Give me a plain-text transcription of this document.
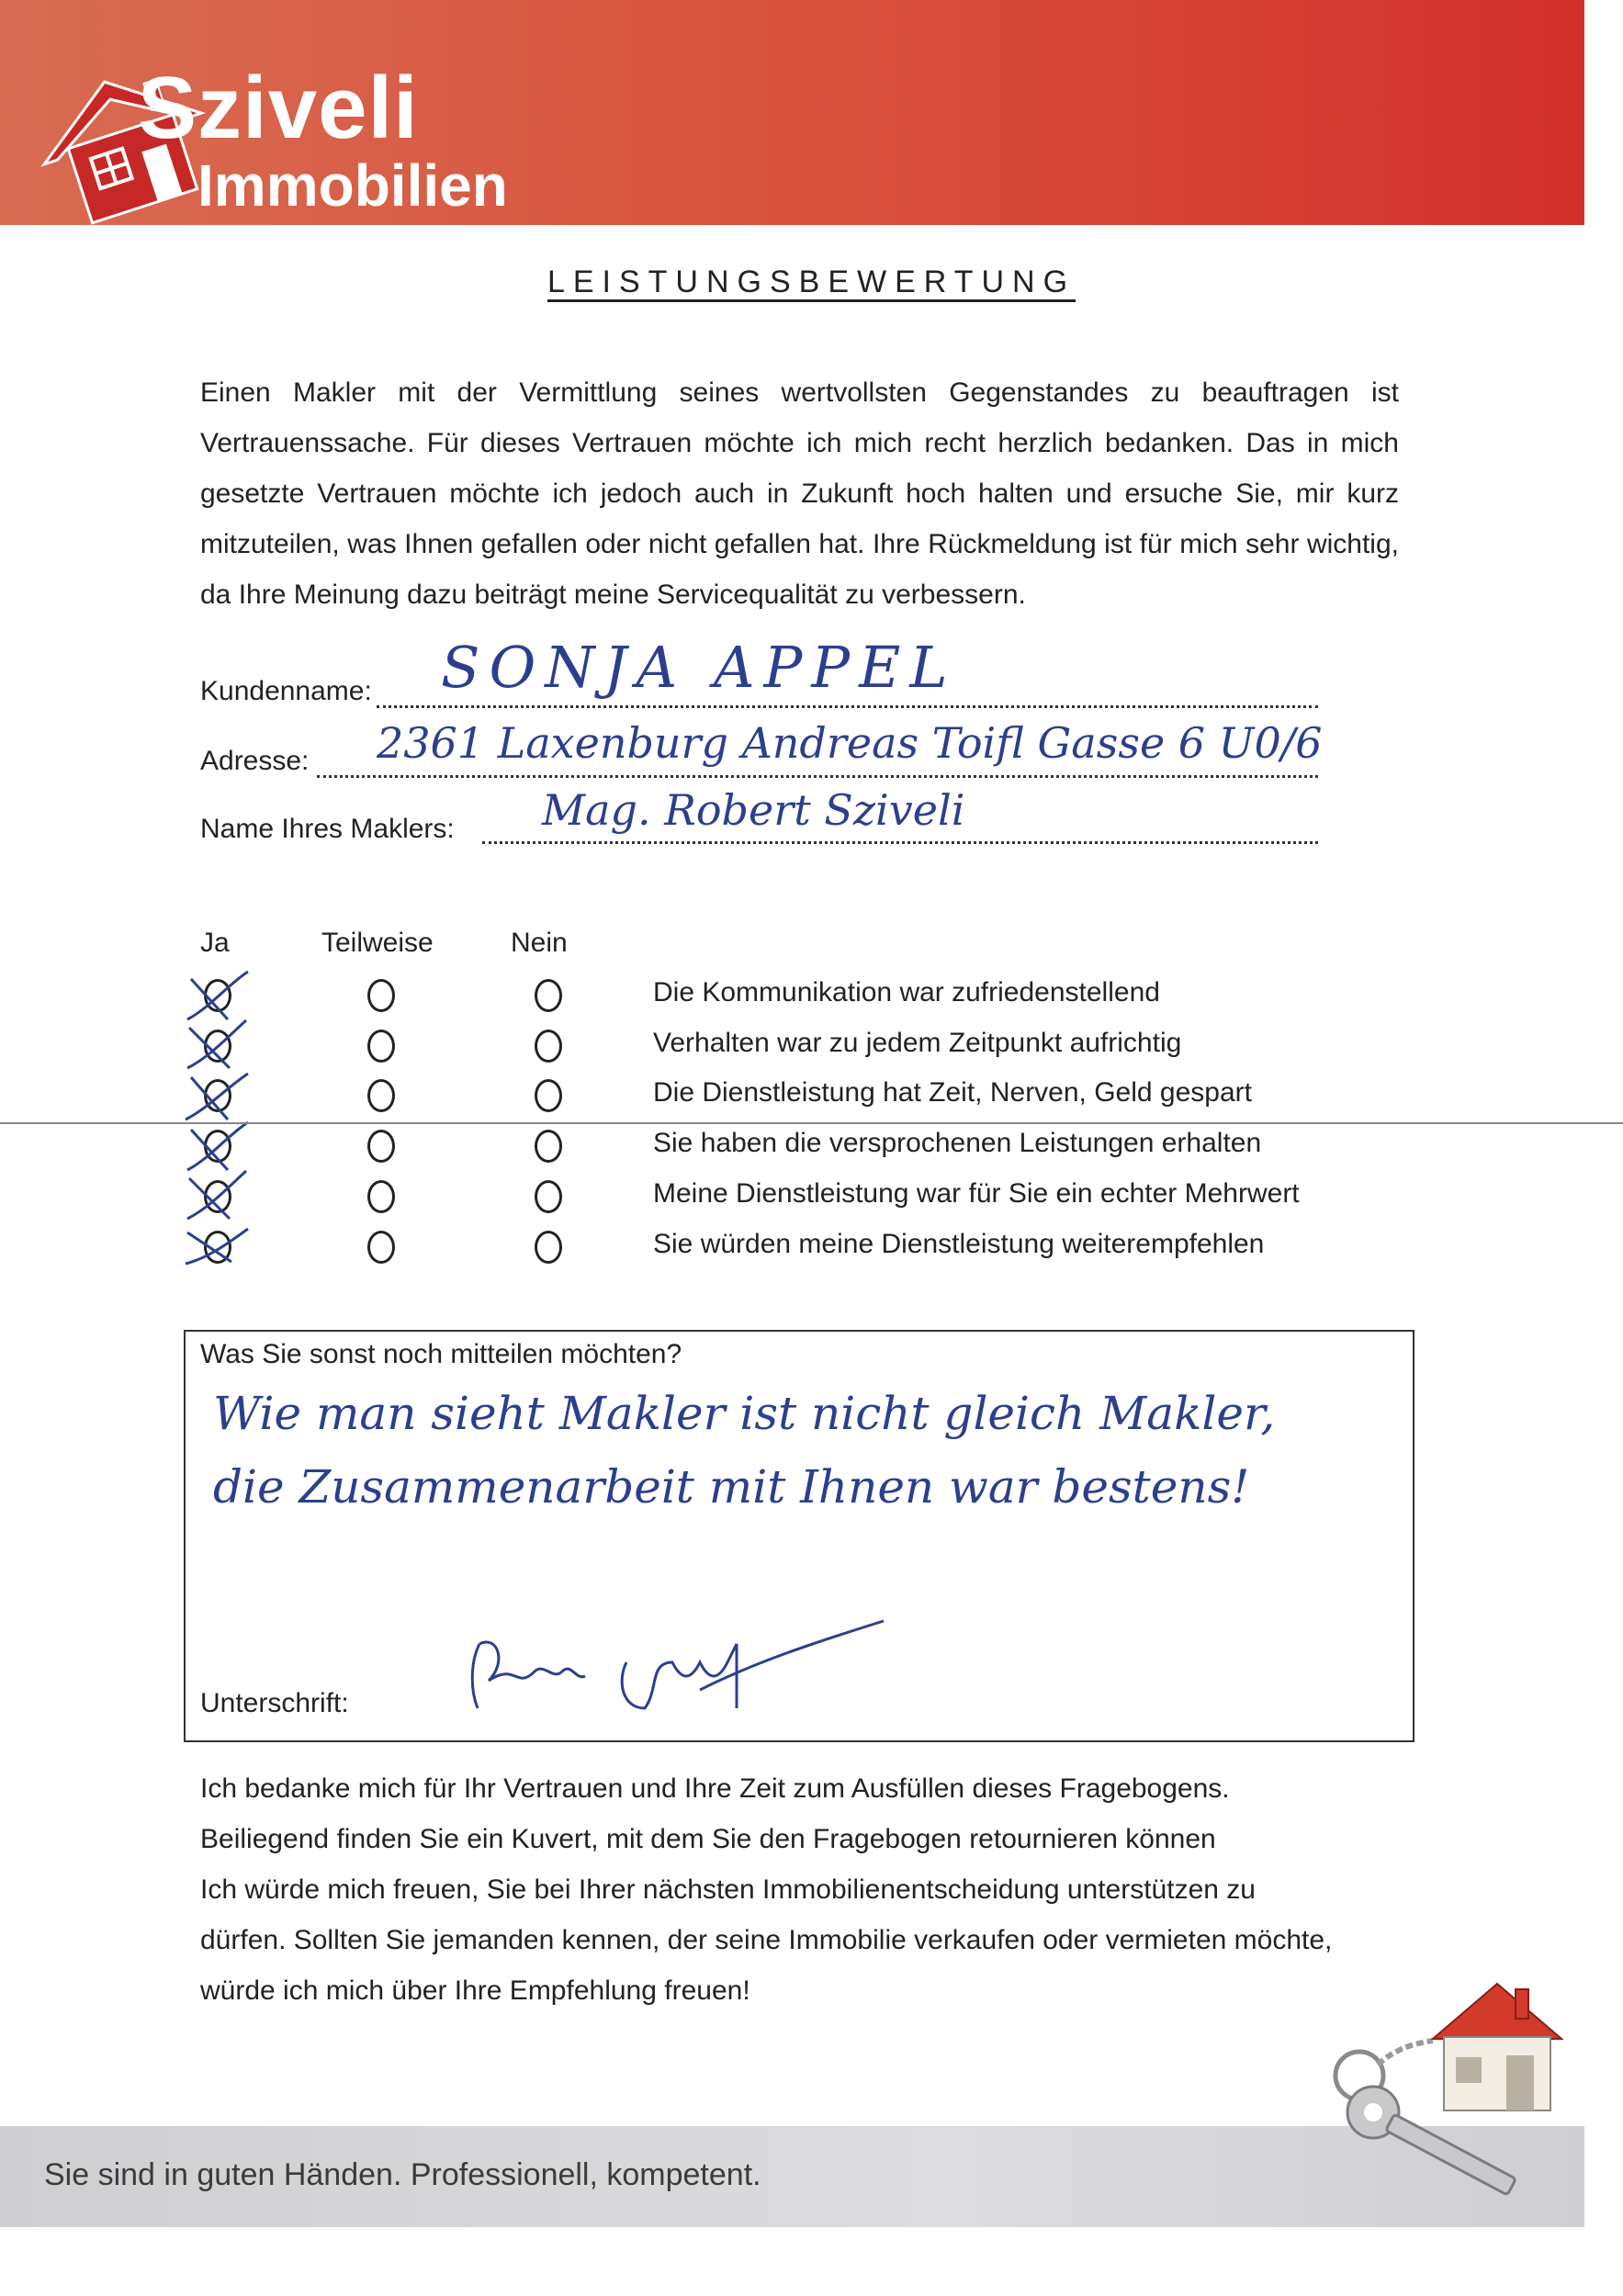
Sziveli
Immobilien
LEISTUNGSBEWERTUNG
Einen Makler mit der Vermittlung seines wertvollsten Gegenstandes zu beauftragen ist Vertrauenssache. Für dieses Vertrauen möchte ich mich recht herzlich bedanken. Das in mich gesetzte Vertrauen möchte ich jedoch auch in Zukunft hoch halten und ersuche Sie, mir kurz mitzuteilen, was Ihnen gefallen oder nicht gefallen hat. Ihre Rückmeldung ist für mich sehr wichtig, da Ihre Meinung dazu beiträgt meine Servicequalität zu verbessern.
Kundenname: SONJA APPEL
Adresse: 2361 Laxenburg Andreas Toifl Gasse 6 U0/6
Name Ihres Maklers: Mag. Robert Sziveli
Ja	Teilweise	Nein
Die Kommunikation war zufriedenstellend
Verhalten war zu jedem Zeitpunkt aufrichtig
Die Dienstleistung hat Zeit, Nerven, Geld gespart
Sie haben die versprochenen Leistungen erhalten
Meine Dienstleistung war für Sie ein echter Mehrwert
Sie würden meine Dienstleistung weiterempfehlen
Was Sie sonst noch mitteilen möchten?
Wie man sieht Makler ist nicht gleich Makler,
die Zusammenarbeit mit Ihnen war bestens!
Unterschrift:
Ich bedanke mich für Ihr Vertrauen und Ihre Zeit zum Ausfüllen dieses Fragebogens.
Beiliegend finden Sie ein Kuvert, mit dem Sie den Fragebogen retournieren können
Ich würde mich freuen, Sie bei Ihrer nächsten Immobilienentscheidung unterstützen zu
dürfen. Sollten Sie jemanden kennen, der seine Immobilie verkaufen oder vermieten möchte,
würde ich mich über Ihre Empfehlung freuen!
Sie sind in guten Händen. Professionell, kompetent.
